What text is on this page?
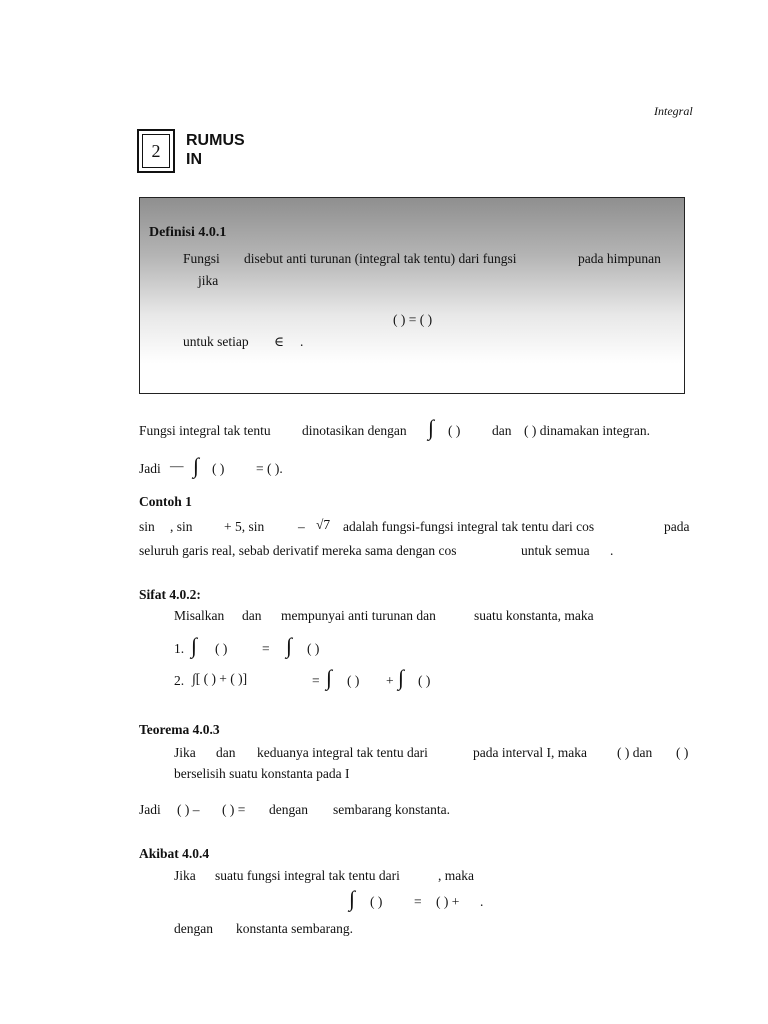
Integral
2	RUMUS
IN
Definisi 4.0.1
Fungsi disebut anti turunan (integral tak tentu) dari fungsi	pada himpunan
jika
( ) = ( )
untuk setiap ∈ .
Fungsi integral tak tentu dinotasikan dengan ∫ ( ) dan ( ) dinamakan integran.
Jadi — ∫ ( ) = ( ).
Contoh 1
sin , sin + 5, sin	– √7 adalah fungsi-fungsi integral tak tentu dari cos	pada
seluruh garis real, sebab derivatif mereka sama dengan cos	untuk semua .
Sifat 4.0.2:
Misalkan dan mempunyai anti turunan dan	suatu konstanta, maka
1. ∫ ( )	= ∫ ( )
2. ∫[ ( ) + ( )]	= ∫ ( ) + ∫ ( )
Teorema 4.0.3
Jika dan keduanya integral tak tentu dari	pada interval I, maka ( ) dan ( )
berselisih suatu konstanta pada I
Jadi ( ) – ( ) = dengan sembarang konstanta.
Akibat 4.0.4
Jika suatu fungsi integral tak tentu dari	, maka
∫ ( ) = ( ) + .
dengan konstanta sembarang.
